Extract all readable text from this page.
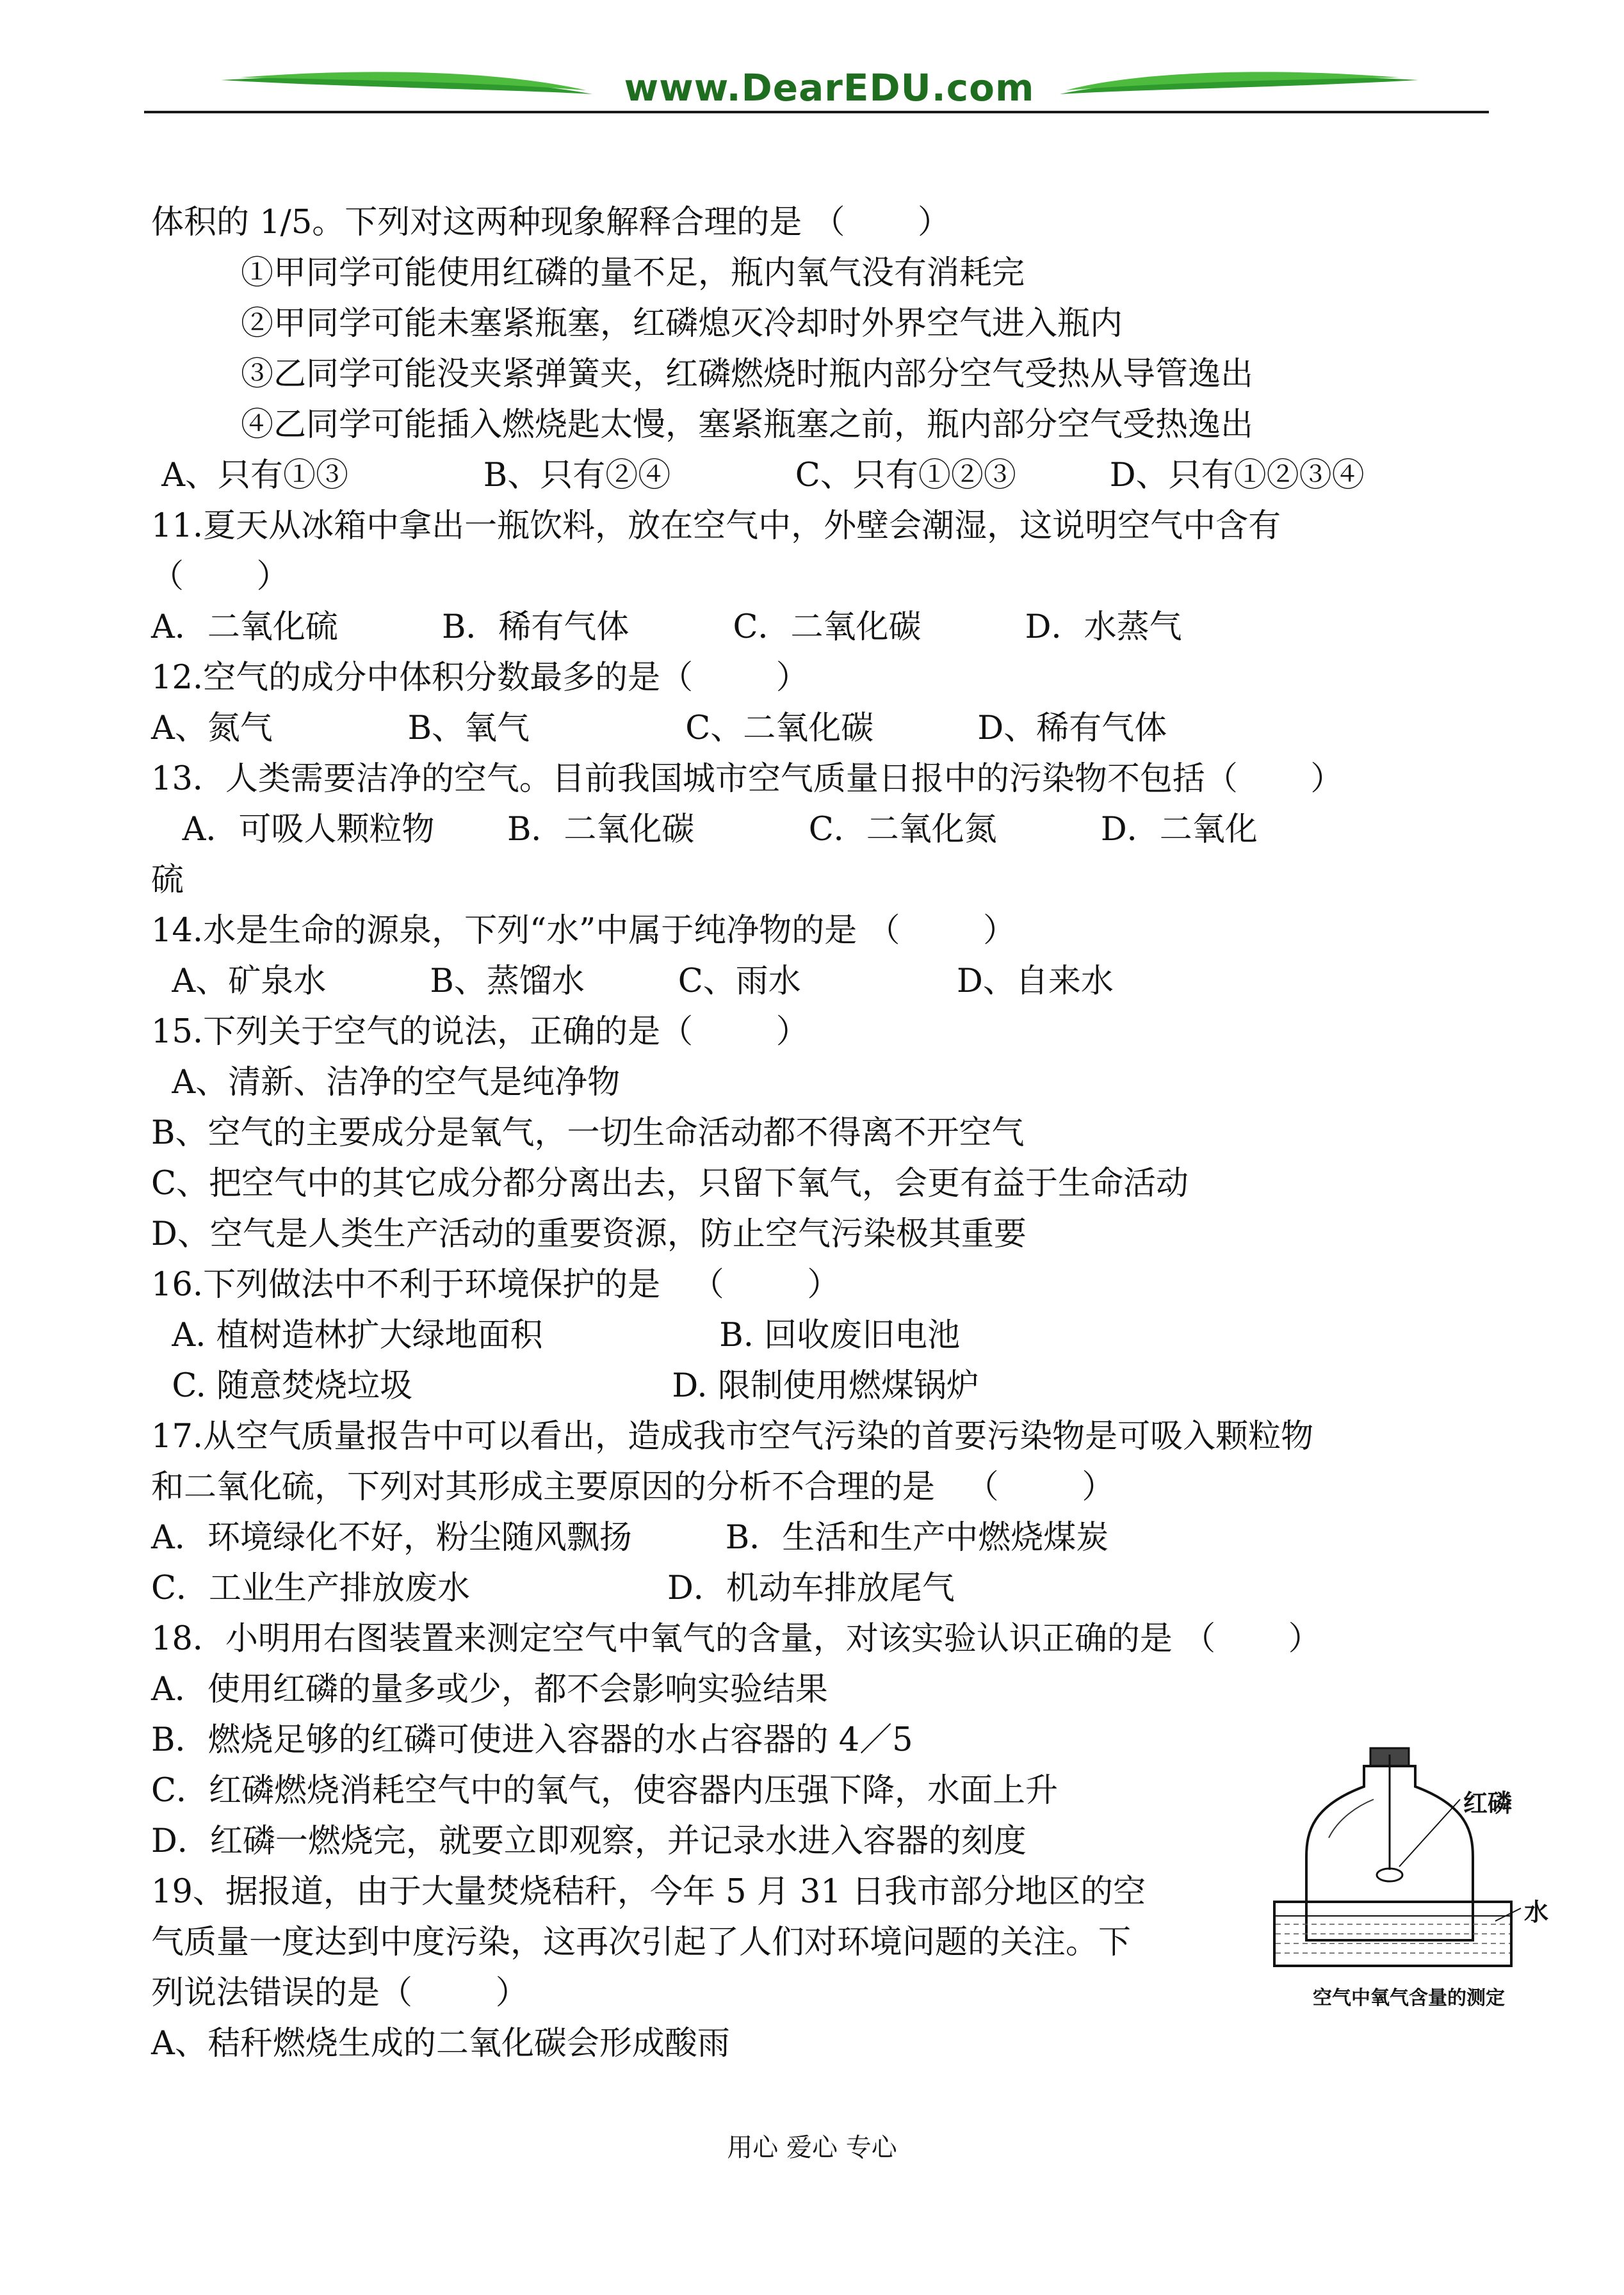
www.DearEDU.com
体积的 1/5。下列对这两种现象解释合理的是 （       ）
①甲同学可能使用红磷的量不足，瓶内氧气没有消耗完
②甲同学可能未塞紧瓶塞，红磷熄灭冷却时外界空气进入瓶内
③乙同学可能没夹紧弹簧夹，红磷燃烧时瓶内部分空气受热从导管逸出
④乙同学可能插入燃烧匙太慢，塞紧瓶塞之前，瓶内部分空气受热逸出
A、只有①③             B、只有②④            C、只有①②③         D、只有①②③④
11.夏天从冰箱中拿出一瓶饮料，放在空气中，外壁会潮湿，这说明空气中含有
（       ）
A．二氧化硫          B．稀有气体          C．二氧化碳          D．水蒸气
12.空气的成分中体积分数最多的是（        ）
A、氮气             B、氧气               C、二氧化碳          D、稀有气体
13．人类需要洁净的空气。目前我国城市空气质量日报中的污染物不包括（       ）
A．可吸人颗粒物       B．二氧化碳           C．二氧化氮          D．二氧化
硫
14.水是生命的源泉，下列“水”中属于纯净物的是 （        ）
A、矿泉水          B、蒸馏水         C、雨水               D、自来水
15.下列关于空气的说法，正确的是（        ）
A、清新、洁净的空气是纯净物
B、空气的主要成分是氧气，一切生命活动都不得离不开空气
C、把空气中的其它成分都分离出去，只留下氧气，会更有益于生命活动
D、空气是人类生产活动的重要资源，防止空气污染极其重要
16.下列做法中不利于环境保护的是   （        ）
A. 植树造林扩大绿地面积                 B. 回收废旧电池
C. 随意焚烧垃圾                         D. 限制使用燃煤锅炉
17.从空气质量报告中可以看出，造成我市空气污染的首要污染物是可吸入颗粒物
和二氧化硫，下列对其形成主要原因的分析不合理的是   （        ）
A．环境绿化不好，粉尘随风飘扬         B．生活和生产中燃烧煤炭
C．工业生产排放废水                   D．机动车排放尾气
18．小明用右图装置来测定空气中氧气的含量，对该实验认识正确的是 （       ）
A．使用红磷的量多或少，都不会影响实验结果
B．燃烧足够的红磷可使进入容器的水占容器的 4／5
C．红磷燃烧消耗空气中的氧气，使容器内压强下降，水面上升
D．红磷一燃烧完，就要立即观察，并记录水进入容器的刻度
19、据报道，由于大量焚烧秸秆，今年 5 月 31 日我市部分地区的空
气质量一度达到中度污染，这再次引起了人们对环境问题的关注。下
列说法错误的是（        ）
A、秸秆燃烧生成的二氧化碳会形成酸雨
红磷
水
空气中氧气含量的测定
用心 爱心 专心
